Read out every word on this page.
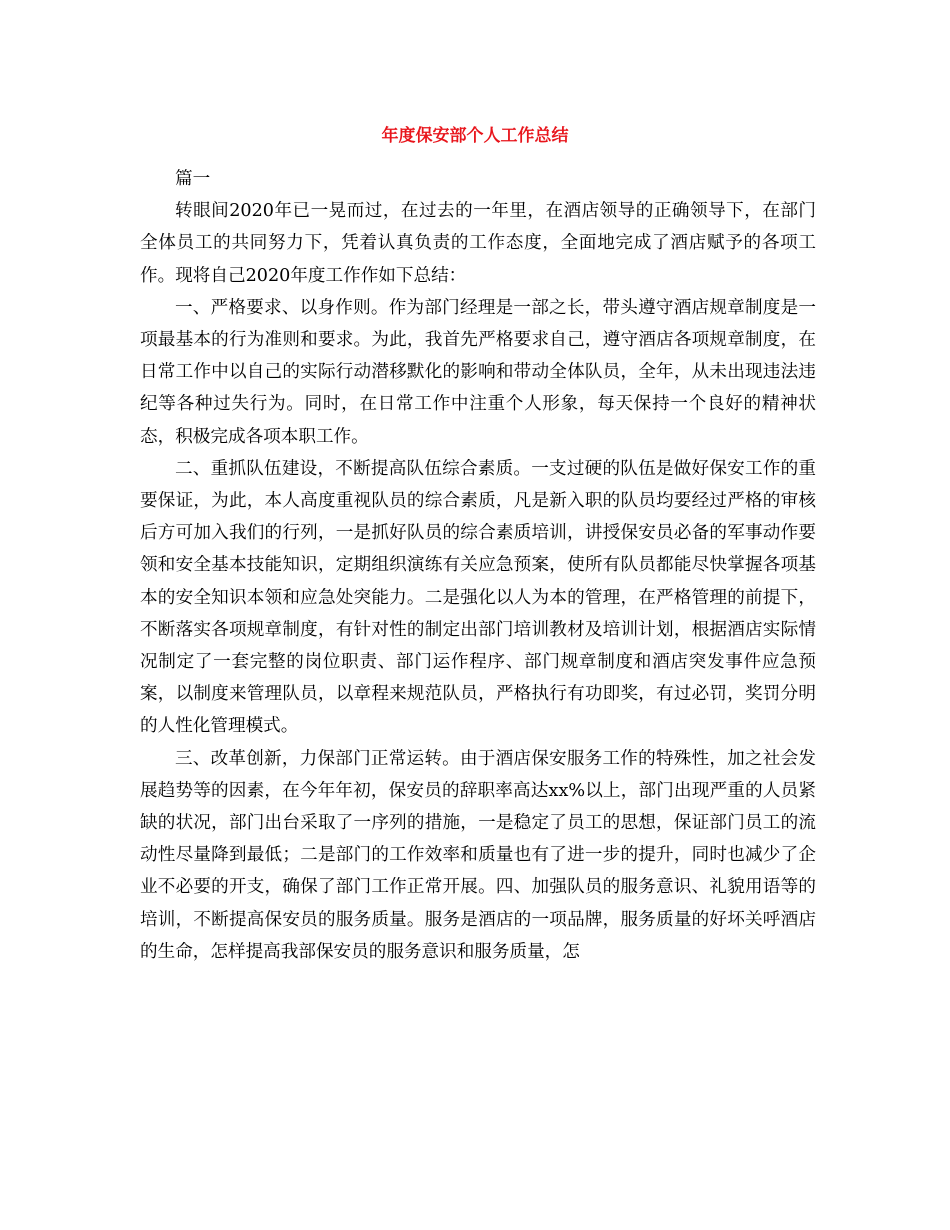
年度保安部个人工作总结

篇一

转眼间2020年已一晃而过，在过去的一年里，在酒店领导的正确领导下，在部门全体员工的共同努力下，凭着认真负责的工作态度，全面地完成了酒店赋予的各项工作。现将自己2020年度工作作如下总结：

一、严格要求、以身作则。作为部门经理是一部之长，带头遵守酒店规章制度是一项最基本的行为准则和要求。为此，我首先严格要求自己，遵守酒店各项规章制度，在日常工作中以自己的实际行动潜移默化的影响和带动全体队员，全年，从未出现违法违纪等各种过失行为。同时，在日常工作中注重个人形象，每天保持一个良好的精神状态，积极完成各项本职工作。

二、重抓队伍建设，不断提高队伍综合素质。一支过硬的队伍是做好保安工作的重要保证，为此，本人高度重视队员的综合素质，凡是新入职的队员均要经过严格的审核后方可加入我们的行列，一是抓好队员的综合素质培训，讲授保安员必备的军事动作要领和安全基本技能知识，定期组织演练有关应急预案，使所有队员都能尽快掌握各项基本的安全知识本领和应急处突能力。二是强化以人为本的管理，在严格管理的前提下，不断落实各项规章制度，有针对性的制定出部门培训教材及培训计划，根据酒店实际情况制定了一套完整的岗位职责、部门运作程序、部门规章制度和酒店突发事件应急预案，以制度来管理队员，以章程来规范队员，严格执行有功即奖，有过必罚，奖罚分明的人性化管理模式。

三、改革创新，力保部门正常运转。由于酒店保安服务工作的特殊性，加之社会发展趋势等的因素，在今年年初，保安员的辞职率高达xx%以上，部门出现严重的人员紧缺的状况，部门出台采取了一序列的措施，一是稳定了员工的思想，保证部门员工的流动性尽量降到最低；二是部门的工作效率和质量也有了进一步的提升，同时也减少了企业不必要的开支，确保了部门工作正常开展。四、加强队员的服务意识、礼貌用语等的培训，不断提高保安员的服务质量。服务是酒店的一项品牌，服务质量的好坏关呼酒店的生命，怎样提高我部保安员的服务意识和服务质量，怎
